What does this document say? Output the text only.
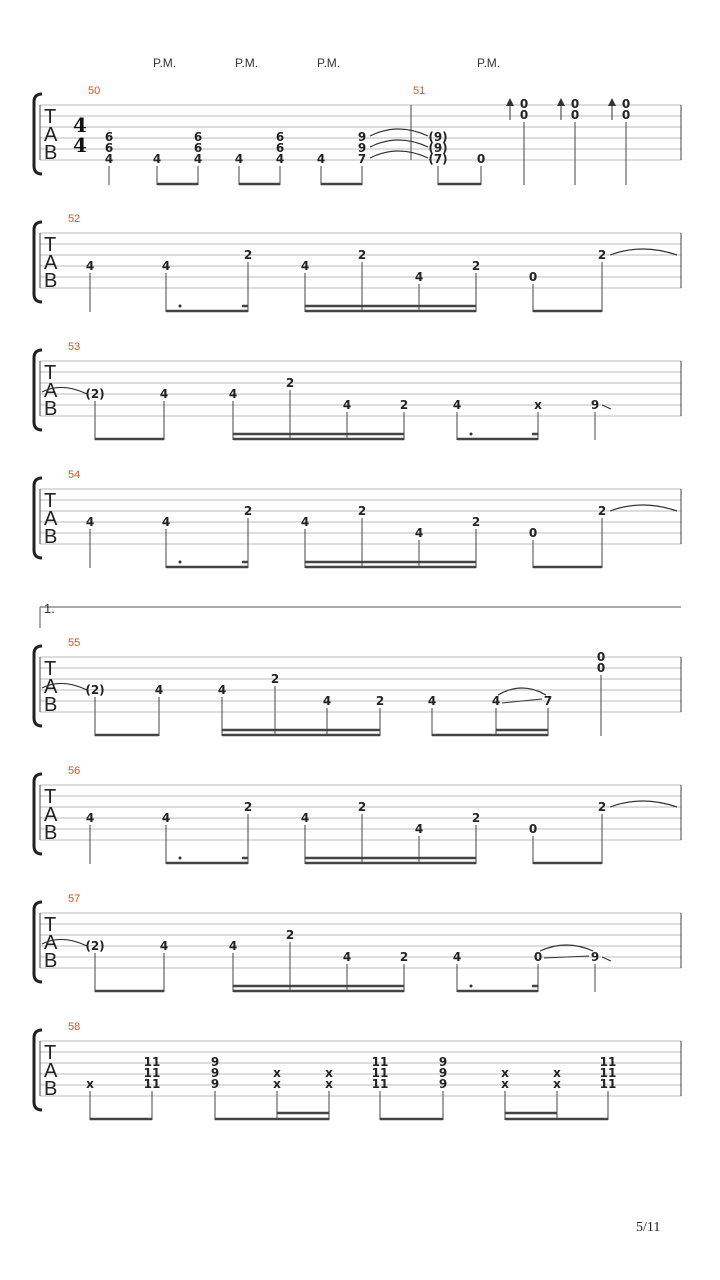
P.M.	P.M.	P.M.	P.M.
T
A
B
4
4
50	51
6
6
4	4
6
6
4	4
6
6
4	4
9
9
7
(9)
(9)
(7) 0
0
0
0
0
0
0
T
A
B
52
4	4
2
4
2
4
2
0
2
T
A
B
53
(2)	4	4
2
4	2	4	x	9
T
A
B
54
4	4
2
4
2
4
2
0
2
T
A
B
55
(2)	4	4
2
4	2	4	4	7
0
0
T
A
B
56
4	4
2
4
2
4
2
0
2
T
A
B
57
(2)	4	4
2
4	2	4	0	9
T
A
B
58
x
11
11
11
9
9
9
x
x
x
x
11
11
11
9
9
9
x
x
x
x
11
11
11
1.
5/11
